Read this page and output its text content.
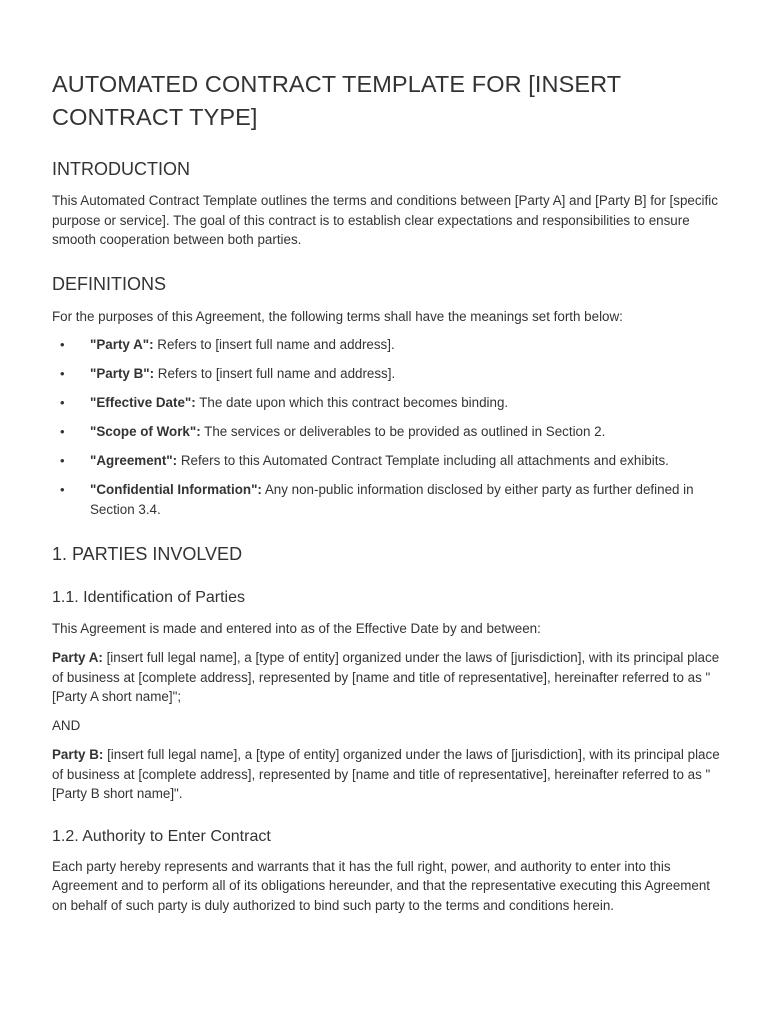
AUTOMATED CONTRACT TEMPLATE FOR [INSERT CONTRACT TYPE]
INTRODUCTION

This Automated Contract Template outlines the terms and conditions between [Party A] and [Party B] for [specific purpose or service]. The goal of this contract is to establish clear expectations and responsibilities to ensure smooth cooperation between both parties.

DEFINITIONS

For the purposes of this Agreement, the following terms shall have the meanings set forth below:

• "Party A": Refers to [insert full name and address].
• "Party B": Refers to [insert full name and address].
• "Effective Date": The date upon which this contract becomes binding.
• "Scope of Work": The services or deliverables to be provided as outlined in Section 2.
• "Agreement": Refers to this Automated Contract Template including all attachments and exhibits.
• "Confidential Information": Any non-public information disclosed by either party as further defined in Section 3.4.
1. PARTIES INVOLVED
1.1. Identification of Parties

This Agreement is made and entered into as of the Effective Date by and between:

Party A: [insert full legal name], a [type of entity] organized under the laws of [jurisdiction], with its principal place of business at [complete address], represented by [name and title of representative], hereinafter referred to as "[Party A short name]";

AND

Party B: [insert full legal name], a [type of entity] organized under the laws of [jurisdiction], with its principal place of business at [complete address], represented by [name and title of representative], hereinafter referred to as "[Party B short name]".

1.2. Authority to Enter Contract

Each party hereby represents and warrants that it has the full right, power, and authority to enter into this Agreement and to perform all of its obligations hereunder, and that the representative executing this Agreement on behalf of such party is duly authorized to bind such party to the terms and conditions herein.
